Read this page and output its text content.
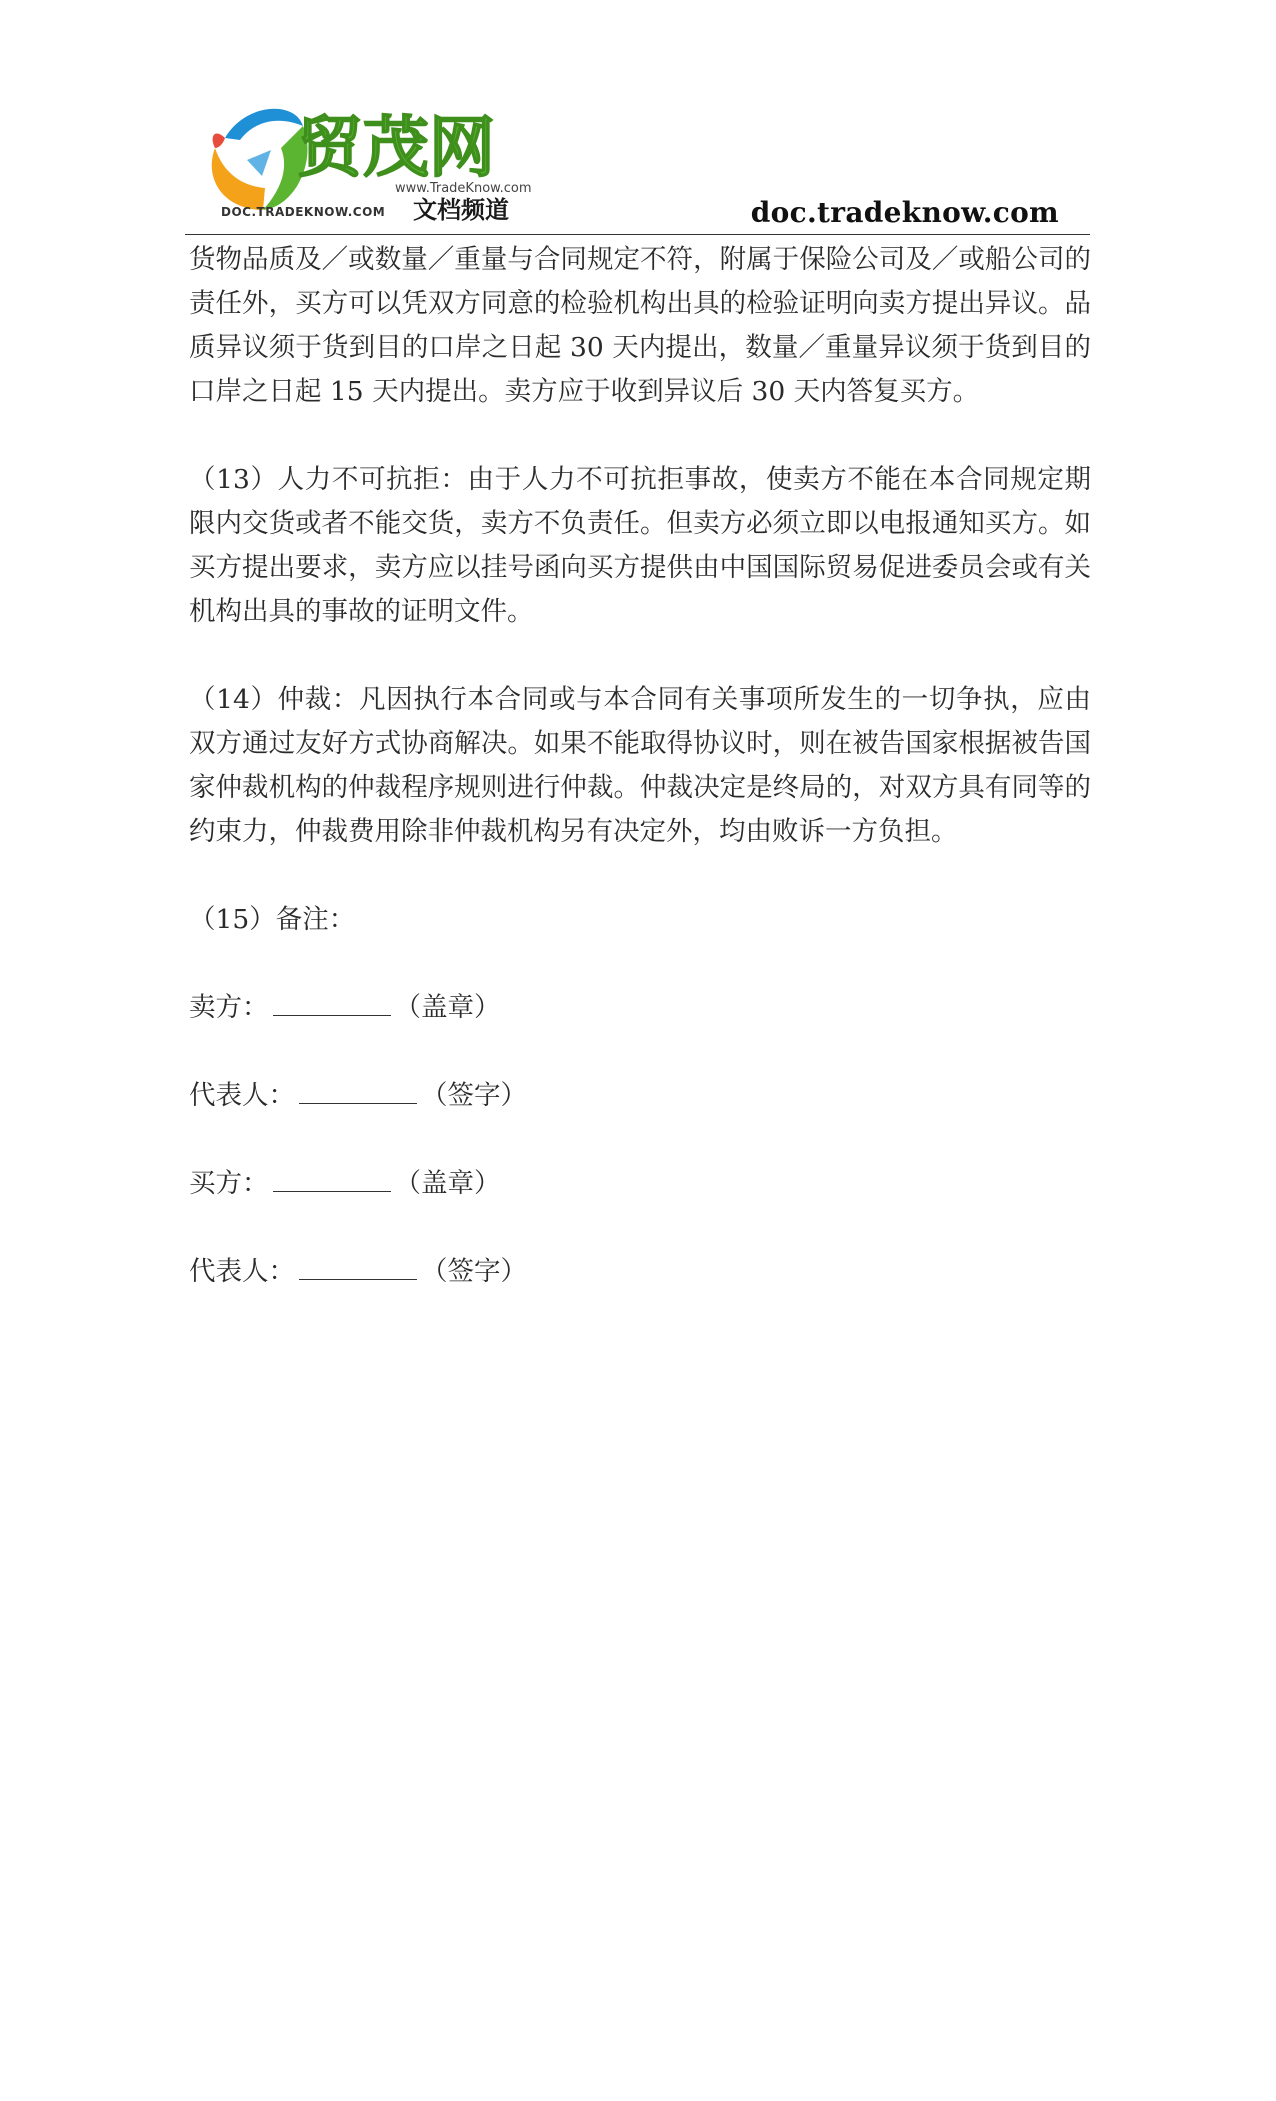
贸茂网
www.TradeKnow.com
DOC.TRADEKNOW.COM 文档频道	doc.tradeknow.com

货物品质及／或数量／重量与合同规定不符，附属于保险公司及／或船公司的责任外，买方可以凭双方同意的检验机构出具的检验证明向卖方提出异议。品质异议须于货到目的口岸之日起 30 天内提出，数量／重量异议须于货到目的口岸之日起 15 天内提出。卖方应于收到异议后 30 天内答复买方。

（13）人力不可抗拒：由于人力不可抗拒事故，使卖方不能在本合同规定期限内交货或者不能交货，卖方不负责任。但卖方必须立即以电报通知买方。如买方提出要求，卖方应以挂号函向买方提供由中国国际贸易促进委员会或有关机构出具的事故的证明文件。

（14）仲裁：凡因执行本合同或与本合同有关事项所发生的一切争执，应由双方通过友好方式协商解决。如果不能取得协议时，则在被告国家根据被告国家仲裁机构的仲裁程序规则进行仲裁。仲裁决定是终局的，对双方具有同等的约束力，仲裁费用除非仲裁机构另有决定外，均由败诉一方负担。

（15）备注：

卖方：	（盖章）
代表人：	（签字）
买方：	（盖章）
代表人：	（签字）
